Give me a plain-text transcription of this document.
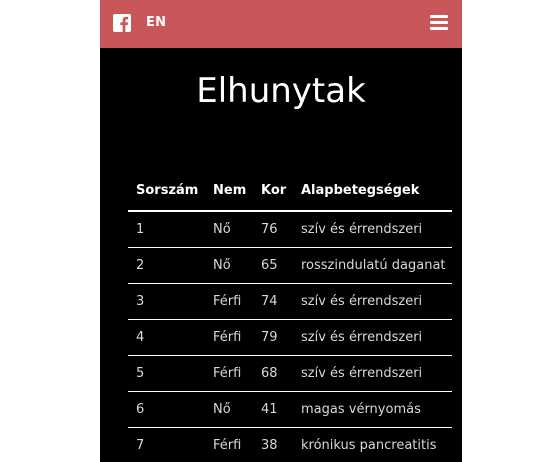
EN
Elhunytak
Sorszám	Nem	Kor	Alapbetegségek
1	Nő	76	szív és érrendszeri
2	Nő	65	rosszindulatú daganat
3	Férfi	74	szív és érrendszeri
4	Férfi	79	szív és érrendszeri
5	Férfi	68	szív és érrendszeri
6	Nő	41	magas vérnyomás
7	Férfi	38	krónikus pancreatitis
